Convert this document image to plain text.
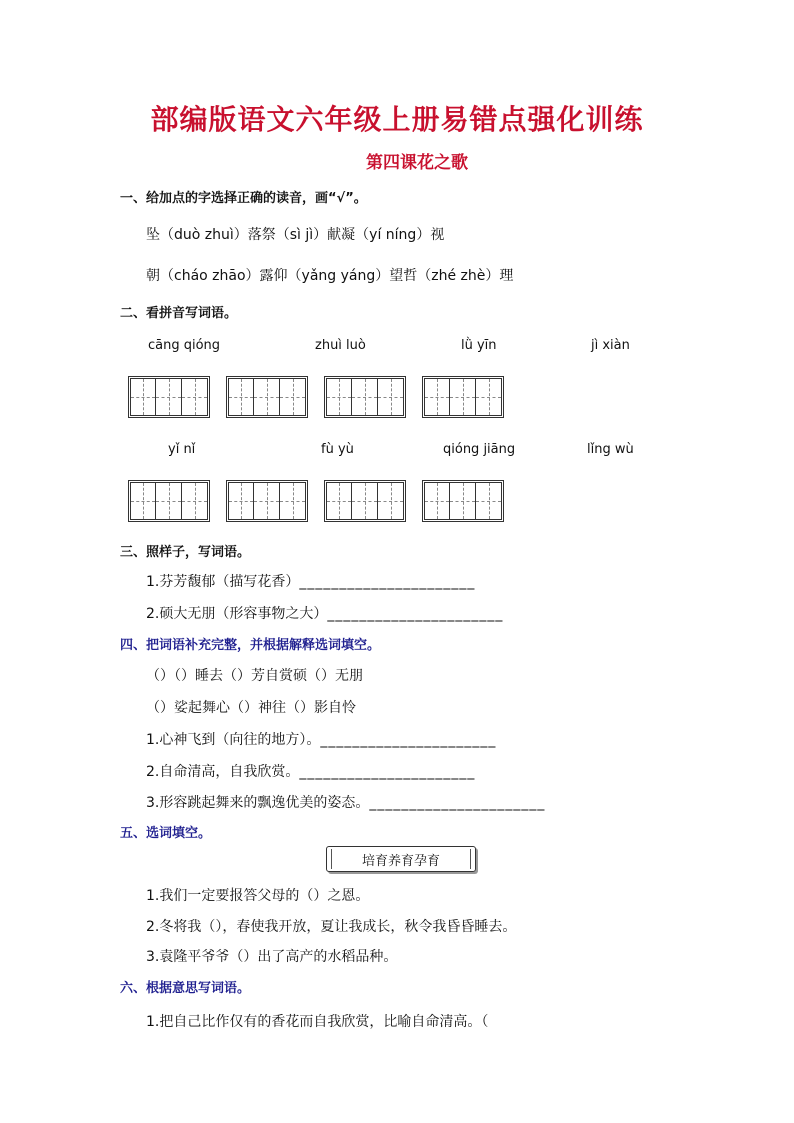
部编版语文六年级上册易错点强化训练
第四课花之歌
一、给加点的字选择正确的读音，画“√”。
坠（duò zhuì）落祭（sì jì）献凝（yí níng）视
朝（cháo zhāo）露仰（yǎng yáng）望哲（zhé zhè）理
二、看拼音写词语。
cāng qióng	zhuì luò	lǜ yīn	jì xiàn
yǐ nǐ	fù yù	qióng jiāng	lǐng wù
三、照样子，写词语。
1.芬芳馥郁（描写花香）______________________
2.硕大无朋（形容事物之大）______________________
四、把词语补充完整，并根据解释选词填空。
（）（）睡去（）芳自赏硕（）无朋
（）娑起舞心（）神往（）影自怜
1.心神飞到（向往的地方）。______________________
2.自命清高，自我欣赏。______________________
3.形容跳起舞来的飘逸优美的姿态。______________________
五、选词填空。
培育养育孕育
1.我们一定要报答父母的（）之恩。
2.冬将我（），春使我开放，夏让我成长，秋令我昏昏睡去。
3.袁隆平爷爷（）出了高产的水稻品种。
六、根据意思写词语。
1.把自己比作仅有的香花而自我欣赏，比喻自命清高。（
